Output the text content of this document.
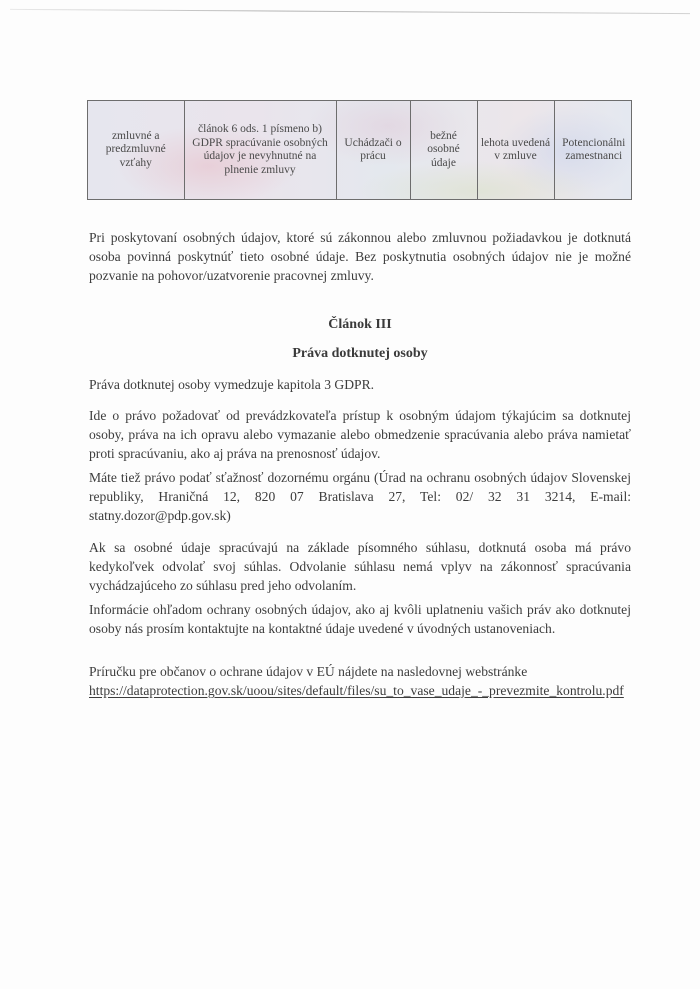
zmluvné a predzmluvné vzťahy	článok 6 ods. 1 písmeno b) GDPR spracúvanie osobných údajov je nevyhnutné na plnenie zmluvy	Uchádzači o prácu	bežné osobné údaje	lehota uvedená v zmluve	Potencionálni zamestnanci

Pri poskytovaní osobných údajov, ktoré sú zákonnou alebo zmluvnou požiadavkou je dotknutá osoba povinná poskytnúť tieto osobné údaje. Bez poskytnutia osobných údajov nie je možné pozvanie na pohovor/uzatvorenie pracovnej zmluvy.

Článok III
Práva dotknutej osoby

Práva dotknutej osoby vymedzuje kapitola 3 GDPR.

Ide o právo požadovať od prevádzkovateľa prístup k osobným údajom týkajúcim sa dotknutej osoby, práva na ich opravu alebo vymazanie alebo obmedzenie spracúvania alebo práva namietať proti spracúvaniu, ako aj práva na prenosnosť údajov.

Máte tiež právo podať sťažnosť dozornému orgánu (Úrad na ochranu osobných údajov Slovenskej republiky, Hraničná 12, 820 07 Bratislava 27, Tel: 02/ 32 31 3214, E-mail: statny.dozor@pdp.gov.sk)

Ak sa osobné údaje spracúvajú na základe písomného súhlasu, dotknutá osoba má právo kedykoľvek odvolať svoj súhlas. Odvolanie súhlasu nemá vplyv na zákonnosť spracúvania vychádzajúceho zo súhlasu pred jeho odvolaním.

Informácie ohľadom ochrany osobných údajov, ako aj kvôli uplatneniu vašich práv ako dotknutej osoby nás prosím kontaktujte na kontaktné údaje uvedené v úvodných ustanoveniach.

Príručku pre občanov o ochrane údajov v EÚ nájdete na nasledovnej webstránke
https://dataprotection.gov.sk/uoou/sites/default/files/su_to_vase_udaje_-_prevezmite_kontrolu.pdf
